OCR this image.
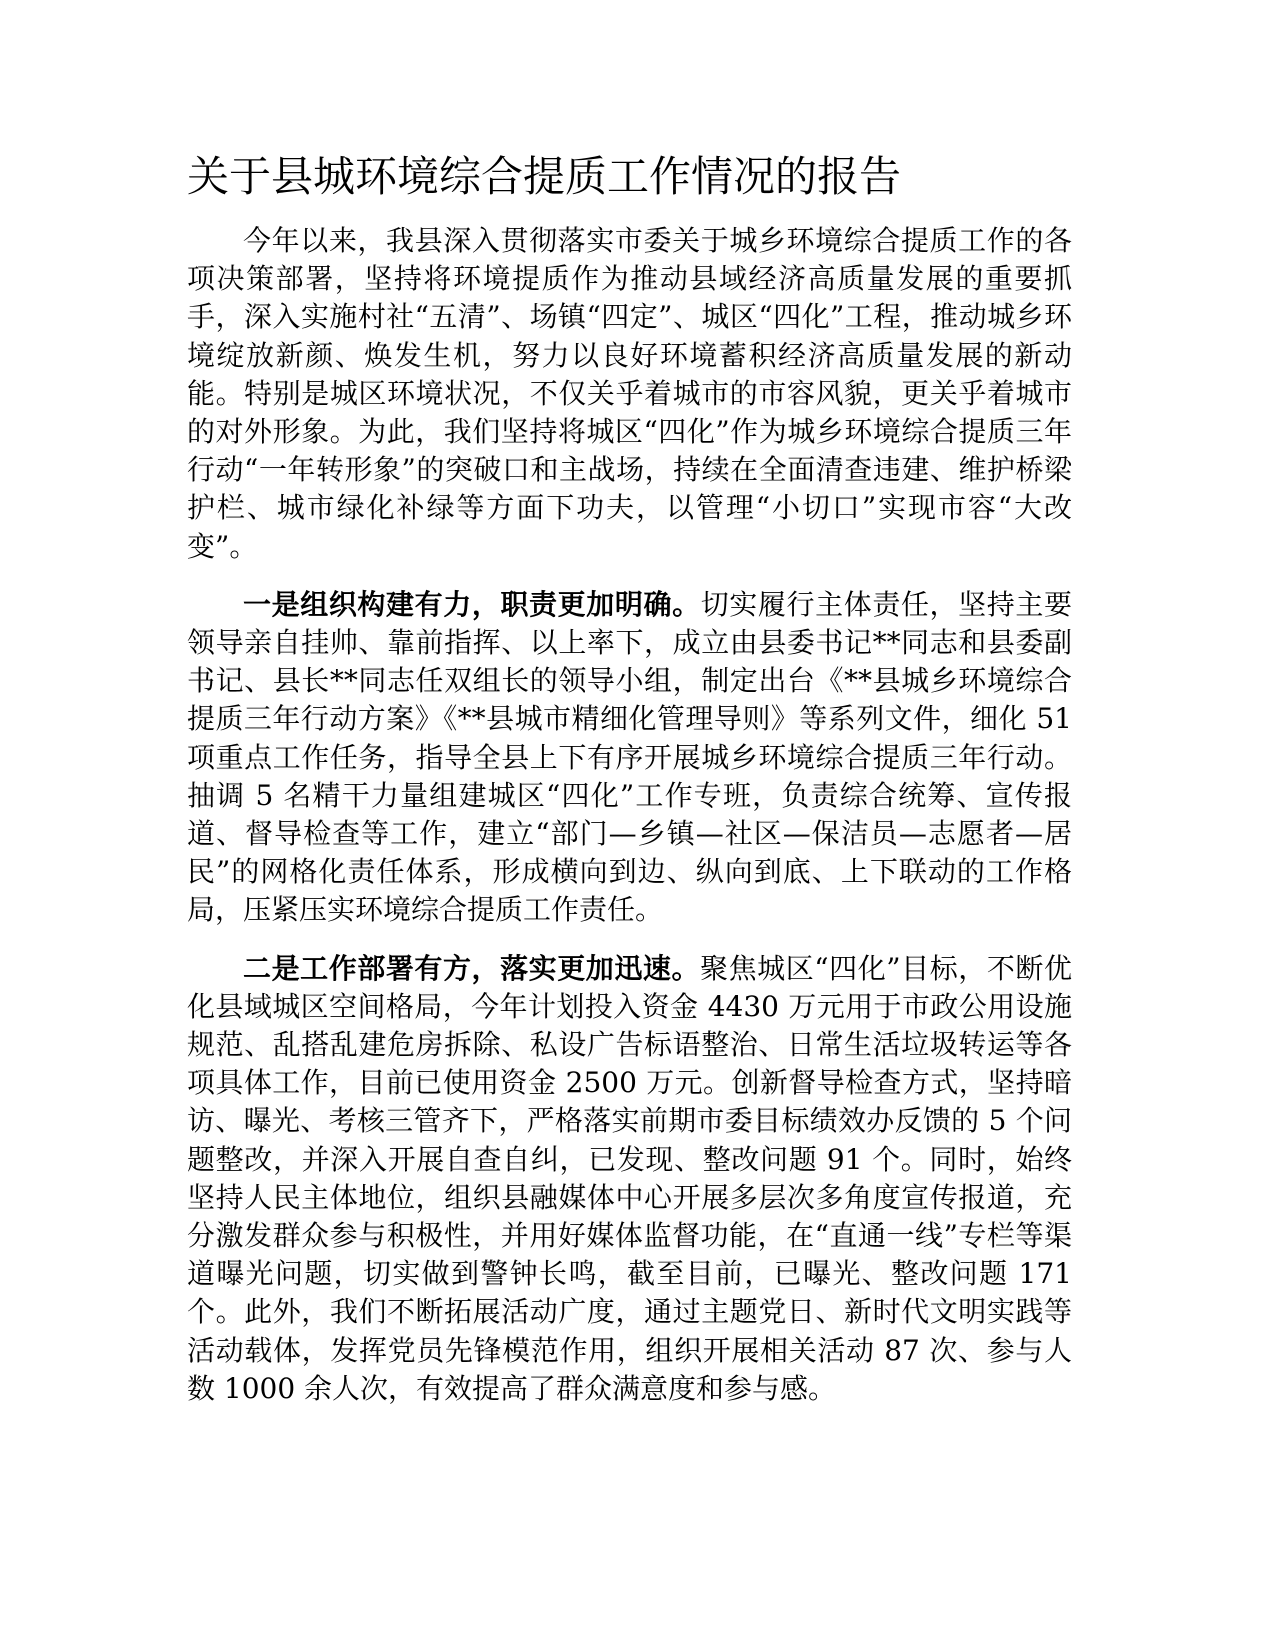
关于县城环境综合提质工作情况的报告

今年以来，我县深入贯彻落实市委关于城乡环境综合提质工作的各项决策部署，坚持将环境提质作为推动县域经济高质量发展的重要抓手，深入实施村社“五清”、场镇“四定”、城区“四化”工程，推动城乡环境绽放新颜、焕发生机，努力以良好环境蓄积经济高质量发展的新动能。特别是城区环境状况，不仅关乎着城市的市容风貌，更关乎着城市的对外形象。为此，我们坚持将城区“四化”作为城乡环境综合提质三年行动“一年转形象”的突破口和主战场，持续在全面清查违建、维护桥梁护栏、城市绿化补绿等方面下功夫，以管理“小切口”实现市容“大改变”。

一是组织构建有力，职责更加明确。切实履行主体责任，坚持主要领导亲自挂帅、靠前指挥、以上率下，成立由县委书记**同志和县委副书记、县长**同志任双组长的领导小组，制定出台《**县城乡环境综合提质三年行动方案》《**县城市精细化管理导则》等系列文件，细化 51 项重点工作任务，指导全县上下有序开展城乡环境综合提质三年行动。抽调 5 名精干力量组建城区“四化”工作专班，负责综合统筹、宣传报道、督导检查等工作，建立“部门—乡镇—社区—保洁员—志愿者—居民”的网格化责任体系，形成横向到边、纵向到底、上下联动的工作格局，压紧压实环境综合提质工作责任。

二是工作部署有方，落实更加迅速。聚焦城区“四化”目标，不断优化县域城区空间格局，今年计划投入资金 4430 万元用于市政公用设施规范、乱搭乱建危房拆除、私设广告标语整治、日常生活垃圾转运等各项具体工作，目前已使用资金 2500 万元。创新督导检查方式，坚持暗访、曝光、考核三管齐下，严格落实前期市委目标绩效办反馈的 5 个问题整改，并深入开展自查自纠，已发现、整改问题 91 个。同时，始终坚持人民主体地位，组织县融媒体中心开展多层次多角度宣传报道，充分激发群众参与积极性，并用好媒体监督功能，在“直通一线”专栏等渠道曝光问题，切实做到警钟长鸣，截至目前，已曝光、整改问题 171 个。此外，我们不断拓展活动广度，通过主题党日、新时代文明实践等活动载体，发挥党员先锋模范作用，组织开展相关活动 87 次、参与人数 1000 余人次，有效提高了群众满意度和参与感。
